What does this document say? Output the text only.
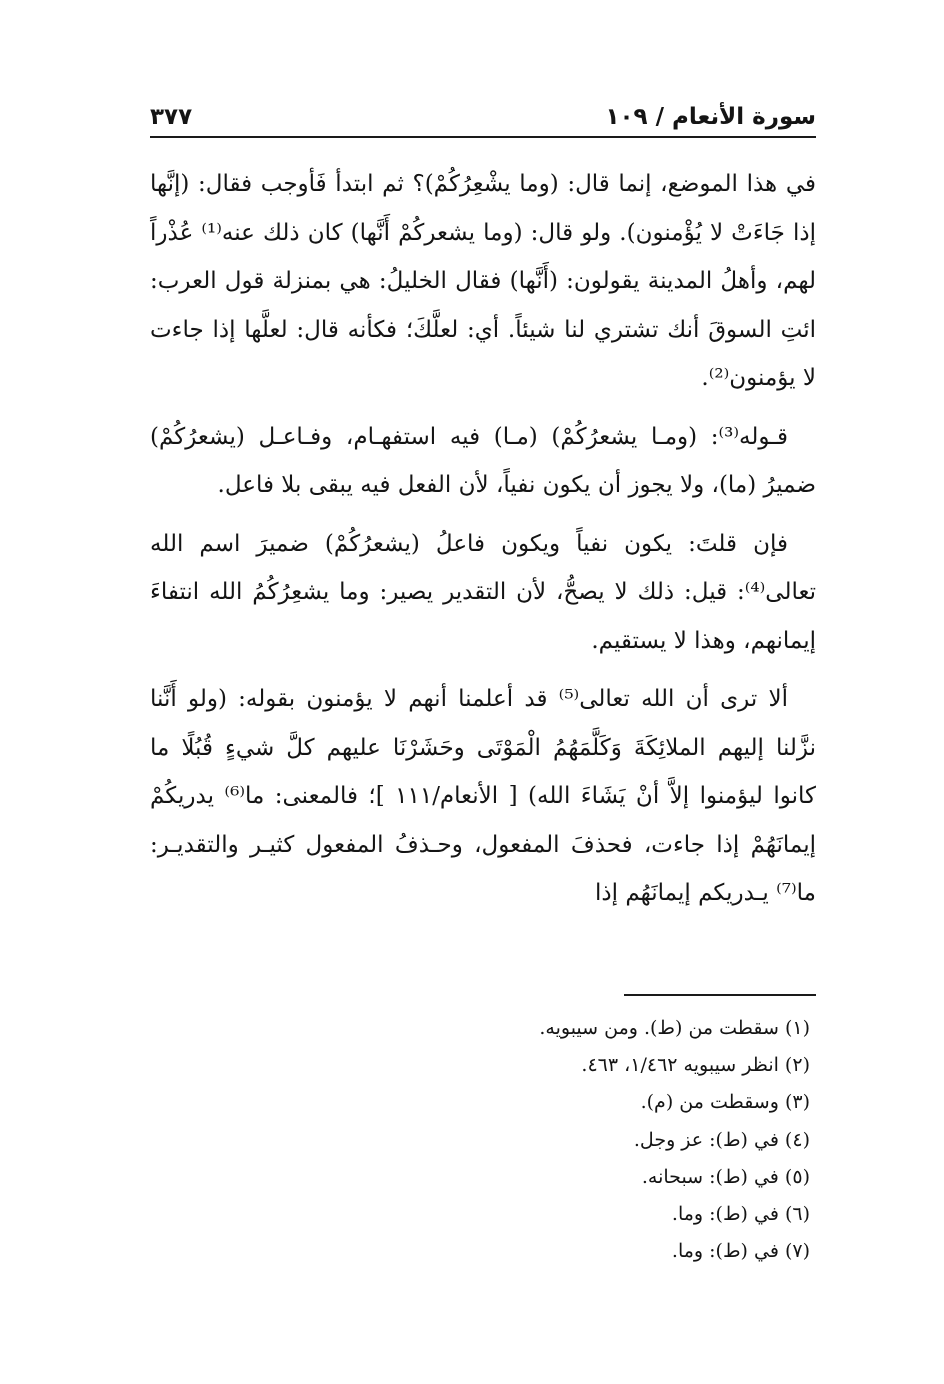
سورة الأنعام / ١٠٩
٣٧٧

في هذا الموضع، إنما قال: (وما يشْعِرُكُمْ)؟ ثم ابتدأ فَأوجب فقال: (إنَّها إذا جَاءَتْ لا يُؤْمنون). ولو قال: (وما يشعركُمْ أَنَّها) كان ذلك عنه⁽¹⁾ عُذْراً لهم، وأهلُ المدينة يقولون: (أَنَّها) فقال الخليلُ: هي بمنزلة قول العرب: ائتِ السوقَ أنك تشتري لنا شيئاً. أي: لعلَّكَ؛ فكأنه قال: لعلَّها إذا جاءت لا يؤمنون⁽²⁾.

قـوله⁽³⁾: (ومـا يشعرُكُمْ) (مـا) فيه استفهـام، وفـاعـل (يشعرُكُمْ) ضميرُ (ما)، ولا يجوز أن يكون نفياً، لأن الفعل فيه يبقى بلا فاعل.

فإن قلتَ: يكون نفياً ويكون فاعلُ (يشعرُكُمْ) ضميرَ اسم الله تعالى⁽⁴⁾: قيل: ذلك لا يصحُّ، لأن التقدير يصير: وما يشعِرُكُمُ الله انتفاءَ إيمانهم، وهذا لا يستقيم.

ألا ترى أن الله تعالى⁽⁵⁾ قد أعلمنا أنهم لا يؤمنون بقوله: (ولو أَنَّنا نزَّلنا إليهم الملائِكَةَ وَكَلَّمَهُمُ الْمَوْتَى وحَشَرْنَا عليهم كلَّ شيءٍ قُبُلًا ما كانوا ليؤمنوا إلاَّ أنْ يَشَاءَ الله) [ الأنعام/١١١ ]؛ فالمعنى: ما⁽⁶⁾ يدريكُمْ إيمانَهُمْ إذا جاءت، فحذفَ المفعول، وحـذفُ المفعول كثيـر والتقديـر: ما⁽⁷⁾ يـدريكم إيمانَهُم إذا

(١) سقطت من (ط). ومن سيبويه.

(٢) انظر سيبويه ١/٤٦٢، ٤٦٣.

(٣) وسقطت من (م).

(٤) في (ط): عز وجل.

(٥) في (ط): سبحانه.

(٦) في (ط): وما.

(٧) في (ط): وما.
